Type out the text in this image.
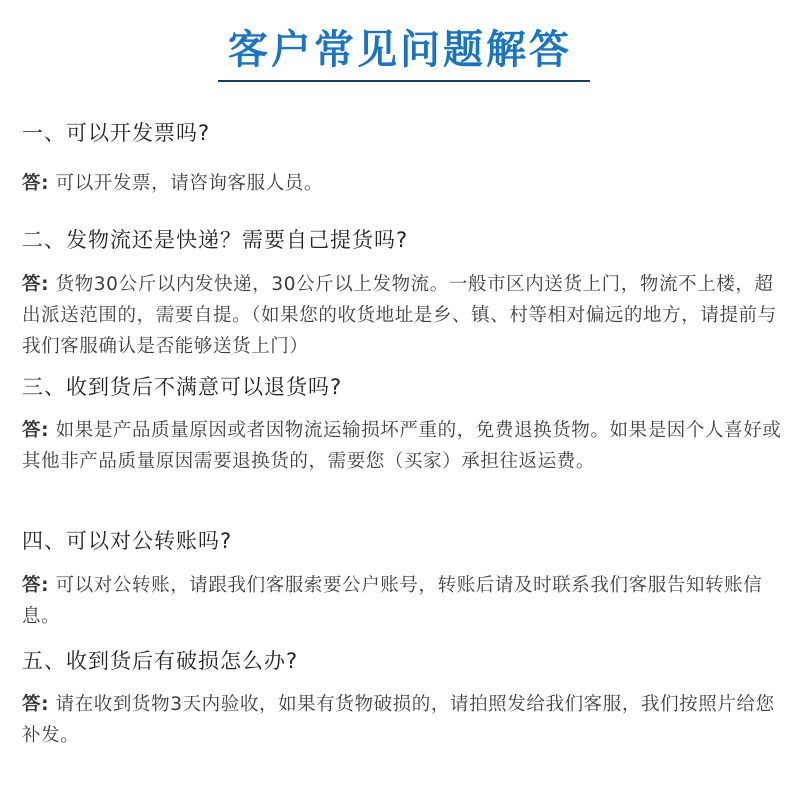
客户常见问题解答
一、可以开发票吗?
答: 可以开发票，请咨询客服人员。
二、发物流还是快递？需要自己提货吗?
答: 货物30公斤以内发快递，30公斤以上发物流。一般市区内送货上门，物流不上楼，超出派送范围的，需要自提。（如果您的收货地址是乡、镇、村等相对偏远的地方，请提前与我们客服确认是否能够送货上门）
三、收到货后不满意可以退货吗?
答: 如果是产品质量原因或者因物流运输损坏严重的，免费退换货物。如果是因个人喜好或其他非产品质量原因需要退换货的，需要您（买家）承担往返运费。
四、可以对公转账吗?
答: 可以对公转账，请跟我们客服索要公户账号，转账后请及时联系我们客服告知转账信息。
五、收到货后有破损怎么办?
答: 请在收到货物3天内验收，如果有货物破损的，请拍照发给我们客服，我们按照片给您补发。
